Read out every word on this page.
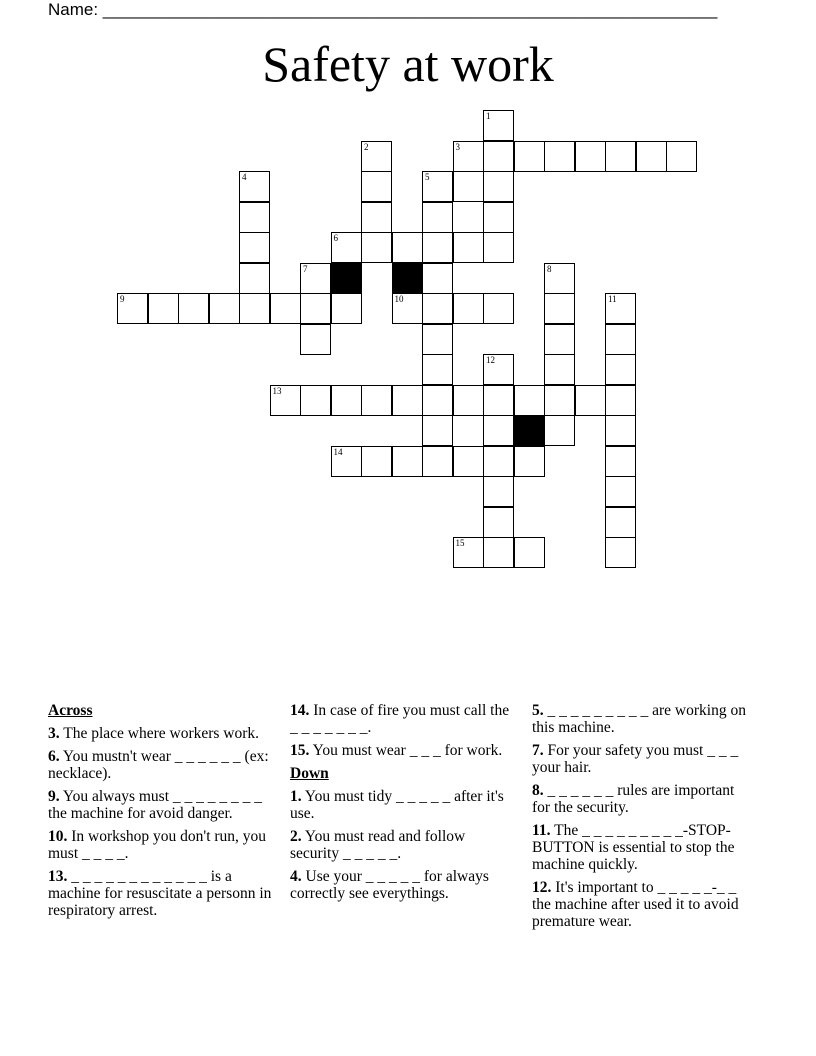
Name: _________________________________________________________________
Safety at work
3
6
9	10
13
14
15
1
2
4	5
7	8
11
12
Across
3. The place where workers work.
6. You mustn't wear _ _ _ _ _ _ (ex: necklace).
9. You always must _ _ _ _ _ _ _ _ the machine for avoid danger.
10. In workshop you don't run, you must _ _ _ _.
13. _ _ _ _ _ _ _ _ _ _ _ _ is a machine for resuscitate a personn in respiratory arrest.
14. In case of fire you must call the _ _ _ _ _ _ _.
15. You must wear _ _ _ for work.
Down
1. You must tidy _ _ _ _ _ after it's use.
2. You must read and follow security _ _ _ _ _.
4. Use your _ _ _ _ _ for always correctly see everythings.
5. _ _ _ _ _ _ _ _ _ are working on this machine.
7. For your safety you must _ _ _ your hair.
8. _ _ _ _ _ _ rules are important for the security.
11. The _ _ _ _ _ _ _ _ _-STOP- BUTTON is essential to stop the machine quickly.
12. It's important to _ _ _ _ _-_ _ the machine after used it to avoid premature wear.
